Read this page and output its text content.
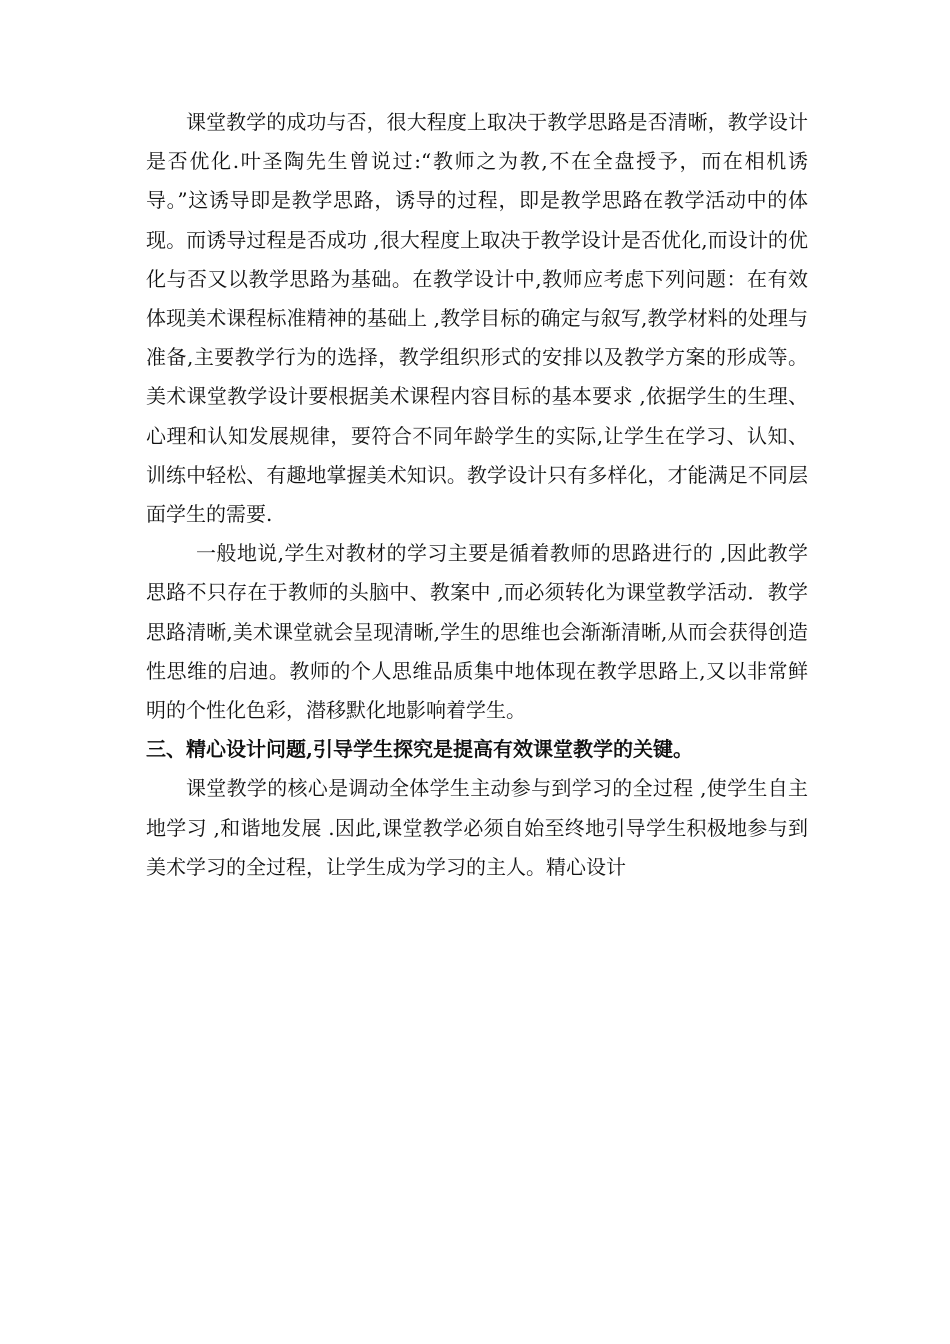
课堂教学的成功与否，很大程度上取决于教学思路是否清晰，教学设计是否优化.叶圣陶先生曾说过:“教师之为教,不在全盘授予，而在相机诱导。”这诱导即是教学思路，诱导的过程，即是教学思路在教学活动中的体现。而诱导过程是否成功 ,很大程度上取决于教学设计是否优化,而设计的优化与否又以教学思路为基础。在教学设计中,教师应考虑下列问题：在有效体现美术课程标准精神的基础上 ,教学目标的确定与叙写,教学材料的处理与准备,主要教学行为的选择，教学组织形式的安排以及教学方案的形成等。美术课堂教学设计要根据美术课程内容目标的基本要求 ,依据学生的生理、心理和认知发展规律，要符合不同年龄学生的实际,让学生在学习、认知、训练中轻松、有趣地掌握美术知识。教学设计只有多样化，才能满足不同层面学生的需要.

一般地说,学生对教材的学习主要是循着教师的思路进行的 ,因此教学思路不只存在于教师的头脑中、教案中 ,而必须转化为课堂教学活动．教学思路清晰,美术课堂就会呈现清晰,学生的思维也会渐渐清晰,从而会获得创造性思维的启迪。教师的个人思维品质集中地体现在教学思路上,又以非常鲜明的个性化色彩，潜移默化地影响着学生。

三、精心设计问题,引导学生探究是提高有效课堂教学的关键。

课堂教学的核心是调动全体学生主动参与到学习的全过程 ,使学生自主地学习 ,和谐地发展 .因此,课堂教学必须自始至终地引导学生积极地参与到美术学习的全过程，让学生成为学习的主人。精心设计
